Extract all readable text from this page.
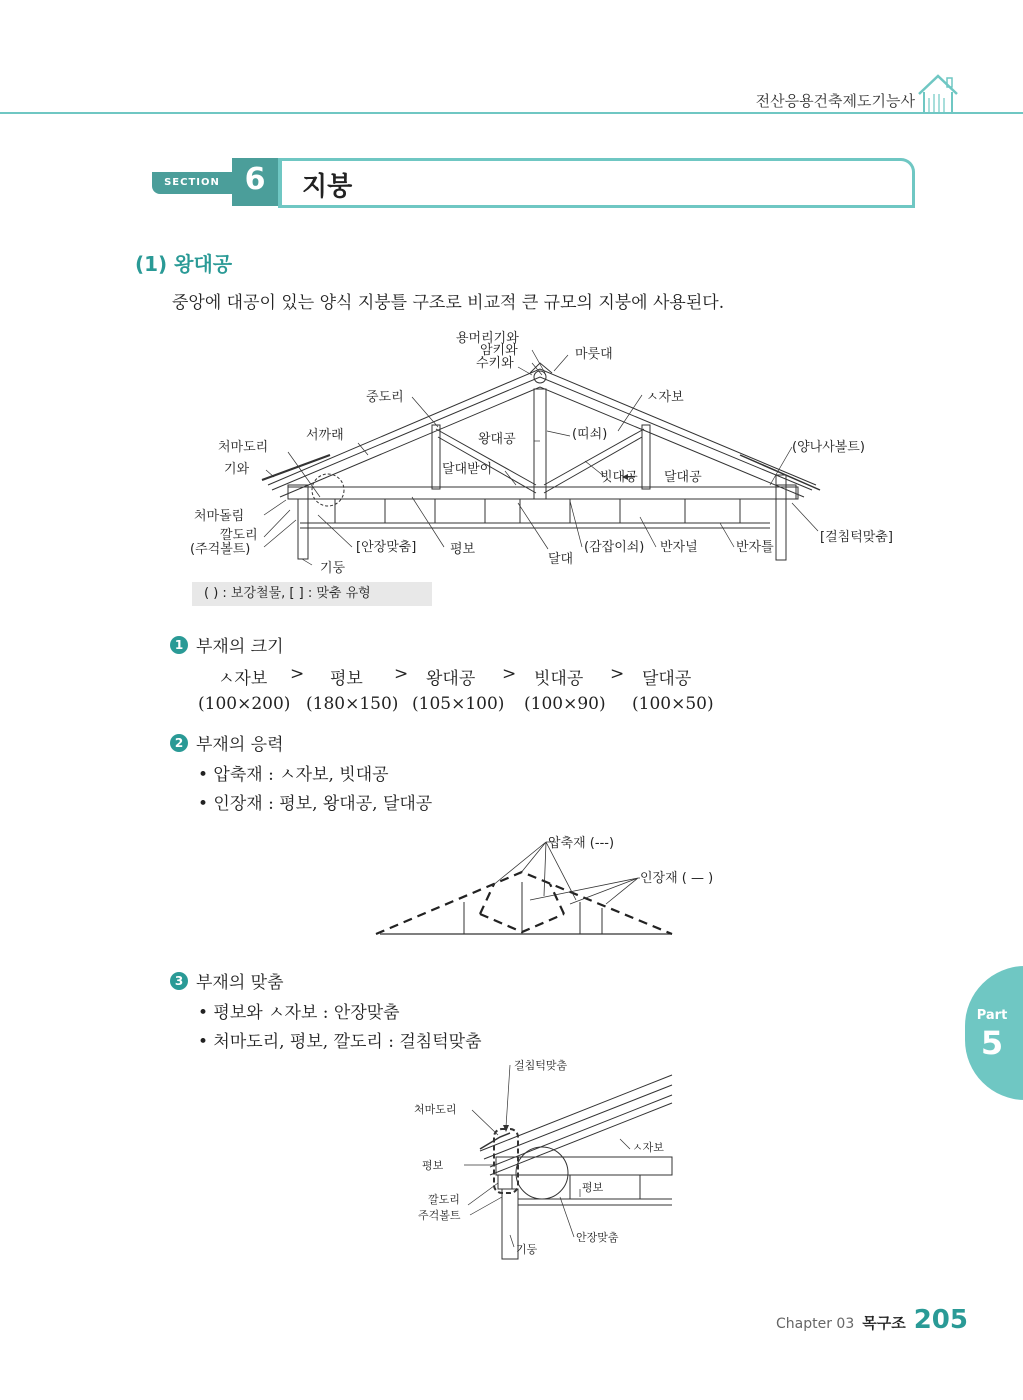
전산응용건축제도기능사
SECTION 6	지붕
(1) 왕대공
중앙에 대공이 있는 양식 지붕틀 구조로 비교적 큰 규모의 지붕에 사용된다.
용머리기와
암키와
수키와
마룻대
중도리	ㅅ자보
서까래	왕대공	(띠쇠)
처마도리	(양나사볼트)
기와	달대받이
빗대공 달대공
처마돌림
깔도리
(주걱볼트)	[안장맞춤]	평보	(감잡이쇠) 반자널	반자틀
[걸침턱맞춤]
달대
기둥
( ) : 보강철물, [ ] : 맞춤 유형
1 부재의 크기
ㅅ자보 > 평보 > 왕대공 > 빗대공 > 달대공
(100×200) (180×150) (105×100) (100×90) (100×50)
2 부재의 응력
• 압축재 : ㅅ자보, 빗대공
• 인장재 : 평보, 왕대공, 달대공
압축재 (---)
인장재 ( — )
3 부재의 맞춤
• 평보와 ㅅ자보 : 안장맞춤
• 처마도리, 평보, 깔도리 : 걸침턱맞춤
걸침턱맞춤
처마도리
ㅅ자보
평보
평보
깔도리
주걱볼트
안장맞춤
기둥
Part
5
Chapter 03 목구조 205
